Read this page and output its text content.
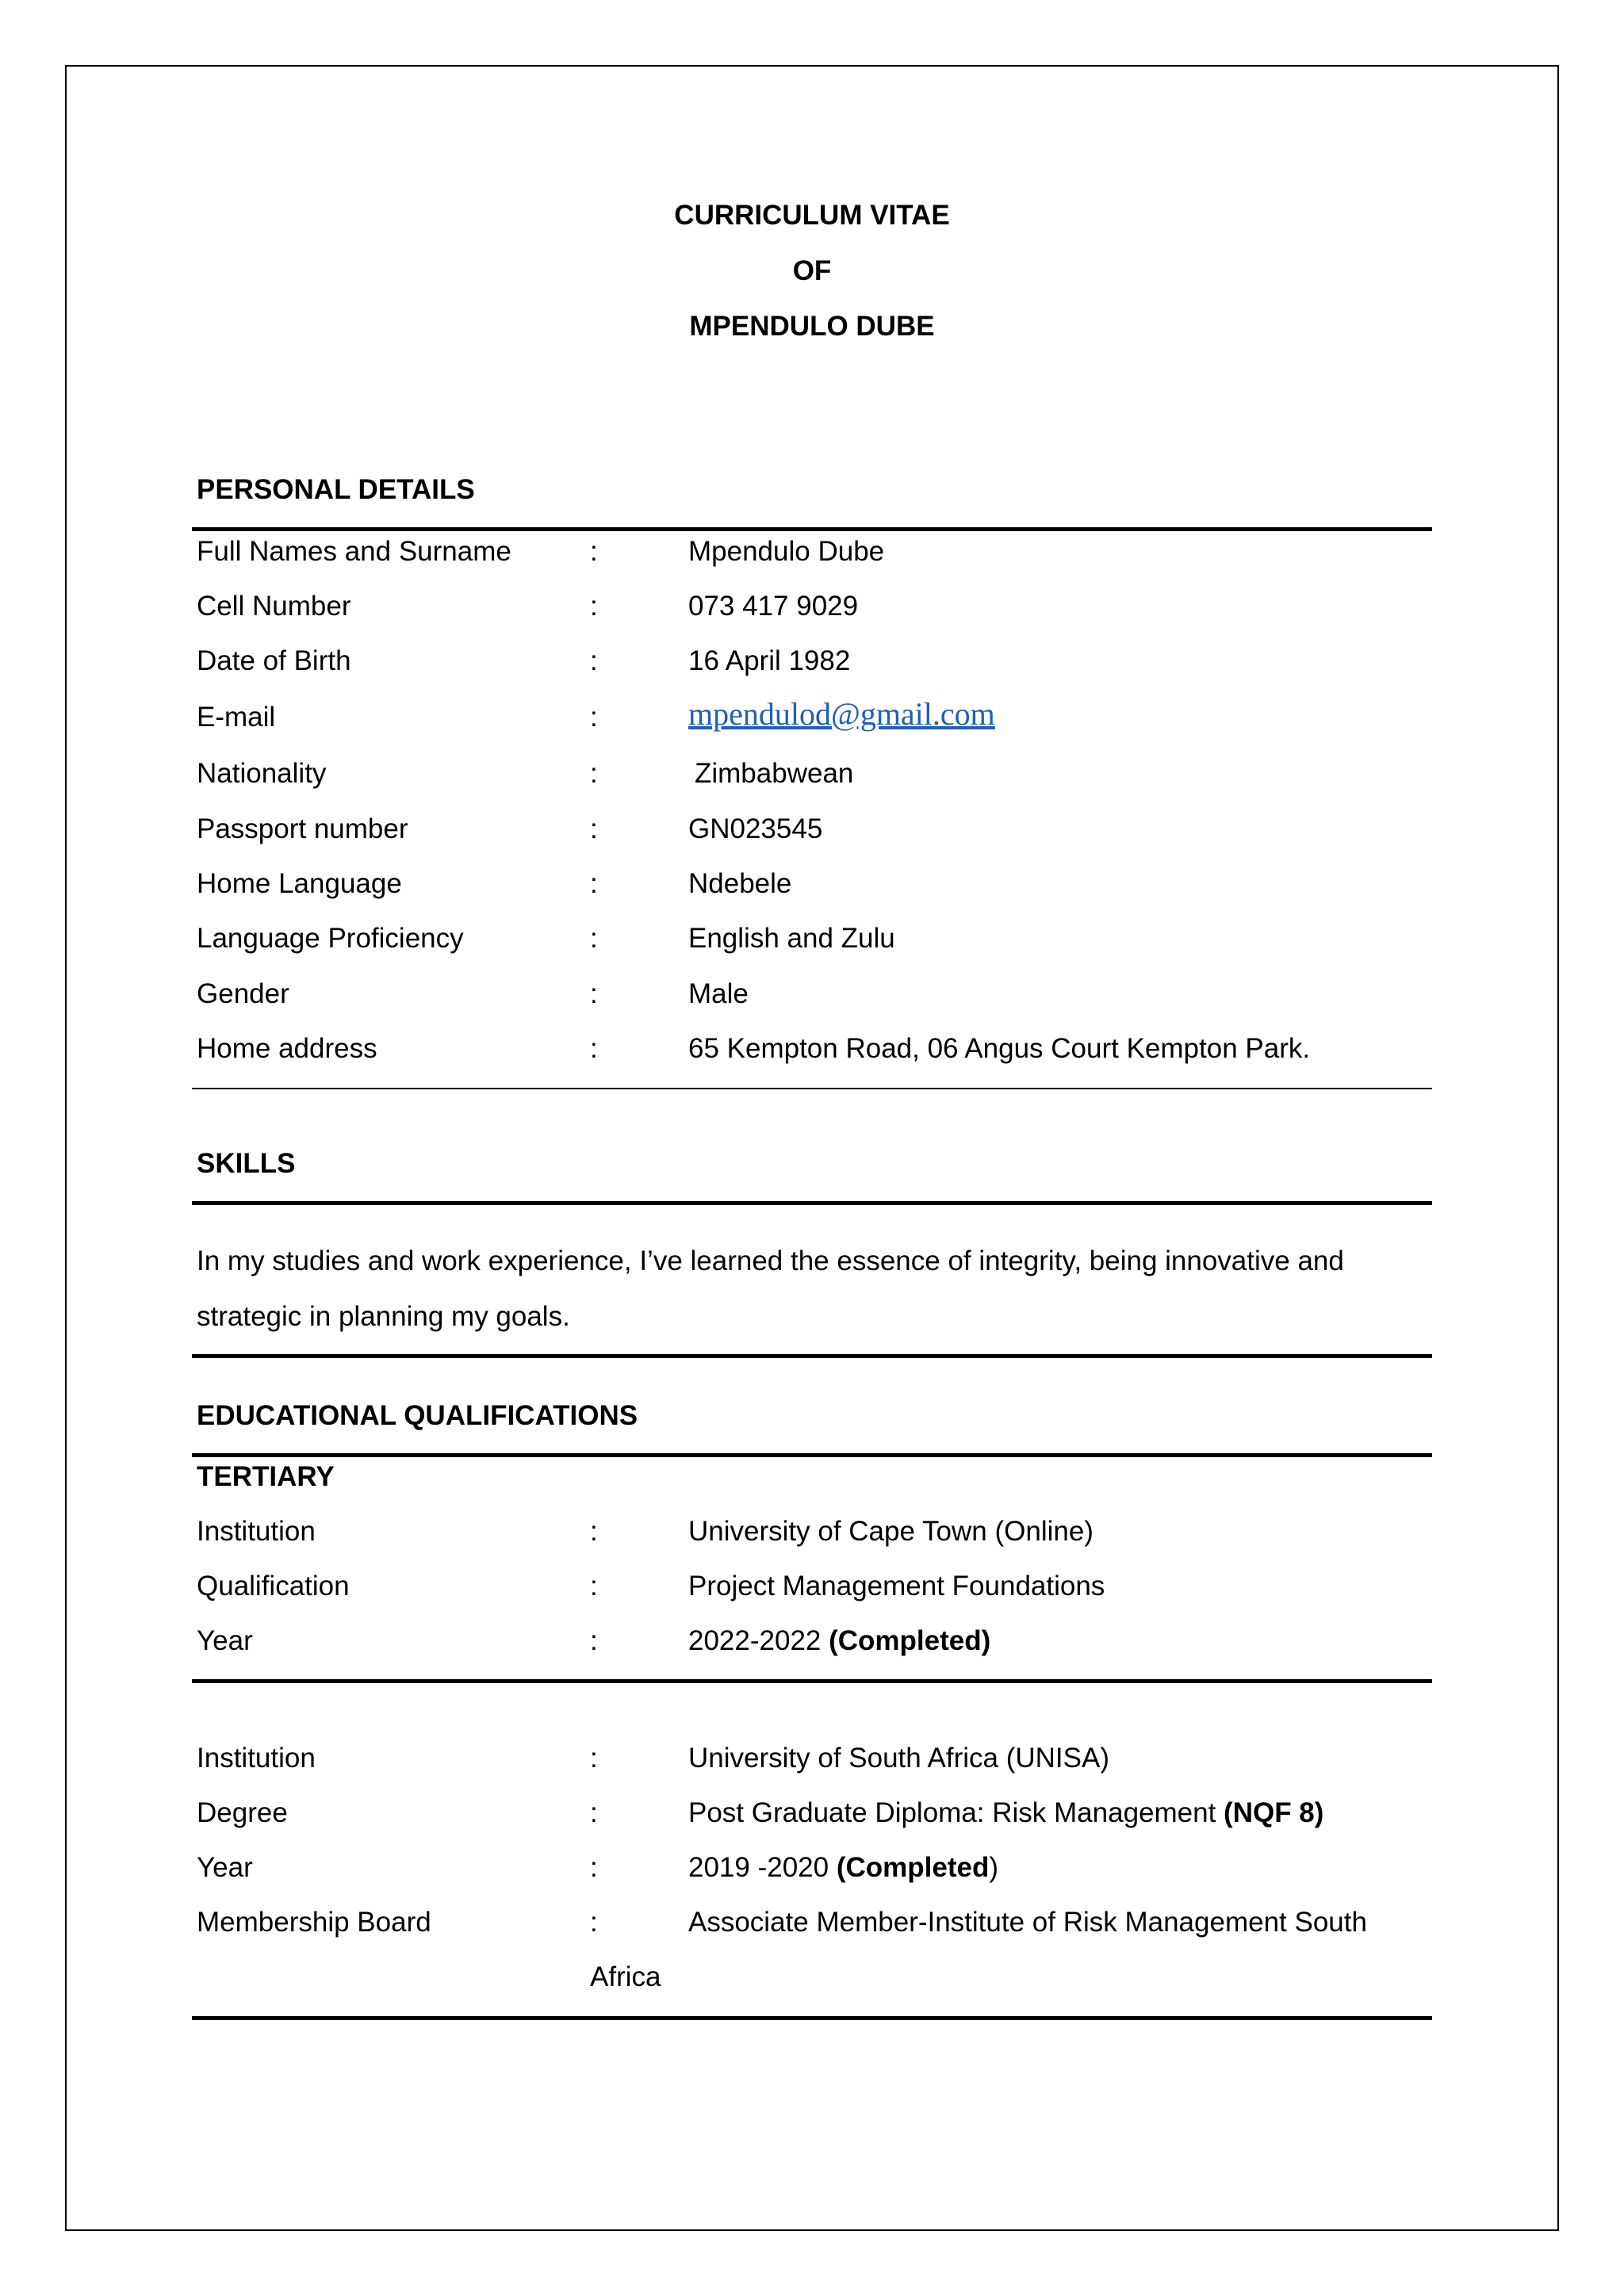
CURRICULUM VITAE
OF
MPENDULO DUBE
PERSONAL DETAILS
Full Names and Surname	:	Mpendulo Dube
Cell Number	:	073 417 9029
Date of Birth	:	16 April 1982
E-mail	:	mpendulod@gmail.com
Nationality	:	Zimbabwean
Passport number	:	GN023545
Home Language	:	Ndebele
Language Proficiency	:	English and Zulu
Gender	:	Male
Home address	:	65 Kempton Road, 06 Angus Court Kempton Park.
SKILLS
In my studies and work experience, I’ve learned the essence of integrity, being innovative and strategic in planning my goals.
EDUCATIONAL QUALIFICATIONS
TERTIARY
Institution	:	University of Cape Town (Online)
Qualification	:	Project Management Foundations
Year	:	2022-2022 (Completed)
Institution	:	University of South Africa (UNISA)
Degree	:	Post Graduate Diploma: Risk Management (NQF 8)
Year	:	2019 -2020 (Completed)
Membership Board	:	Associate Member-Institute of Risk Management South
Africa
